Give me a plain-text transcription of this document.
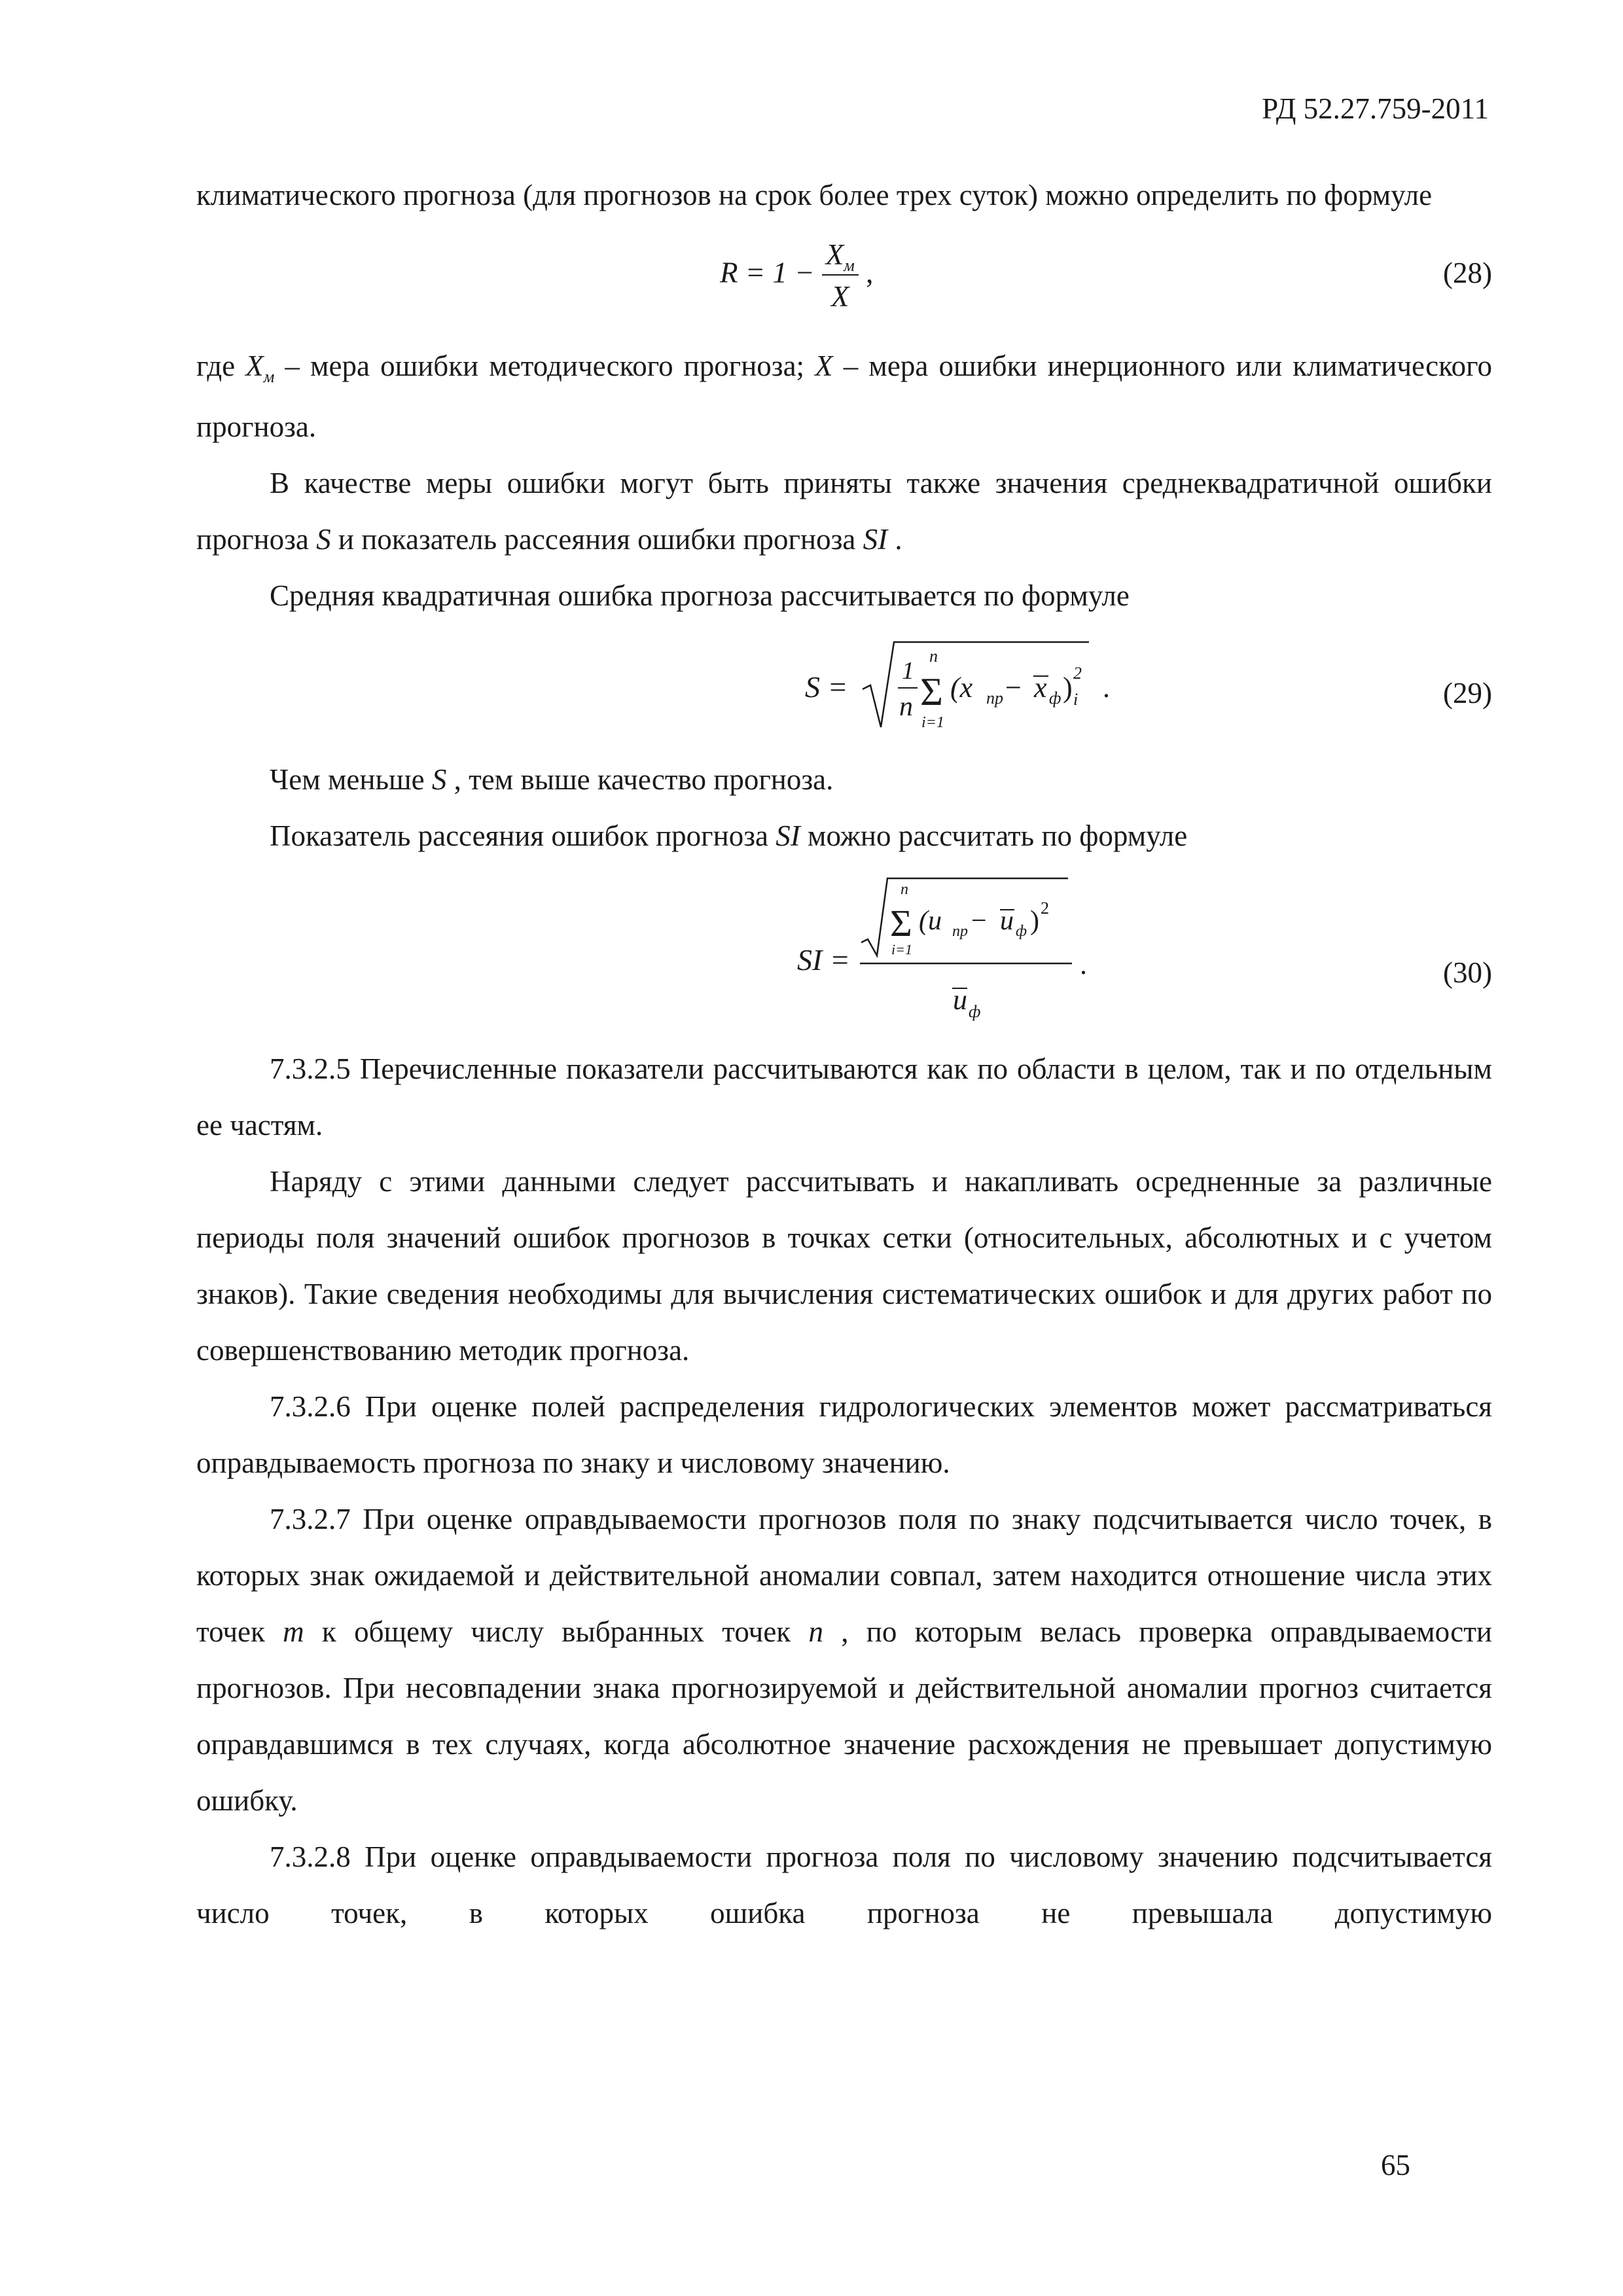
РД 52.27.759-2011

климатического прогноза (для прогнозов на срок более трех суток) можно определить по формуле

$R = 1 - \frac{X_м}{X}$ ,	(28)

где $X_м$ – мера ошибки методического прогноза; X – мера ошибки инерционного или климатического прогноза.

В качестве меры ошибки могут быть приняты также значения среднеквадратичной ошибки прогноза S и показатель рассеяния ошибки прогноза SI .

Средняя квадратичная ошибка прогноза рассчитывается по формуле

S = 1
n
n
Σ
i=1
(x пр − x ф ) 2
i .	(29)

Чем меньше S , тем выше качество прогноза.

Показатель рассеяния ошибок прогноза SI можно рассчитать по формуле

SI =
n
Σ
i=1
(u пр − u ф ) 2
u ф
.	(30)

7.3.2.5 Перечисленные показатели рассчитываются как по области в целом, так и по отдельным ее частям.

Наряду с этими данными следует рассчитывать и накапливать осредненные за различные периоды поля значений ошибок прогнозов в точках сетки (относительных, абсолютных и с учетом знаков). Такие сведения необходимы для вычисления систематических ошибок и для других работ по совершенствованию методик прогноза.

7.3.2.6 При оценке полей распределения гидрологических элементов может рассматриваться оправдываемость прогноза по знаку и числовому значению.

7.3.2.7 При оценке оправдываемости прогнозов поля по знаку подсчитывается число точек, в которых знак ожидаемой и действительной аномалии совпал, затем находится отношение числа этих точек m к общему числу выбранных точек n , по которым велась проверка оправдываемости прогнозов. При несовпадении знака прогнозируемой и действительной аномалии прогноз считается оправдавшимся в тех случаях, когда абсолютное значение расхождения не превышает допустимую ошибку.

7.3.2.8 При оценке оправдываемости прогноза поля по числовому значению подсчитывается число точек, в которых ошибка прогноза не превышала допустимую

65
